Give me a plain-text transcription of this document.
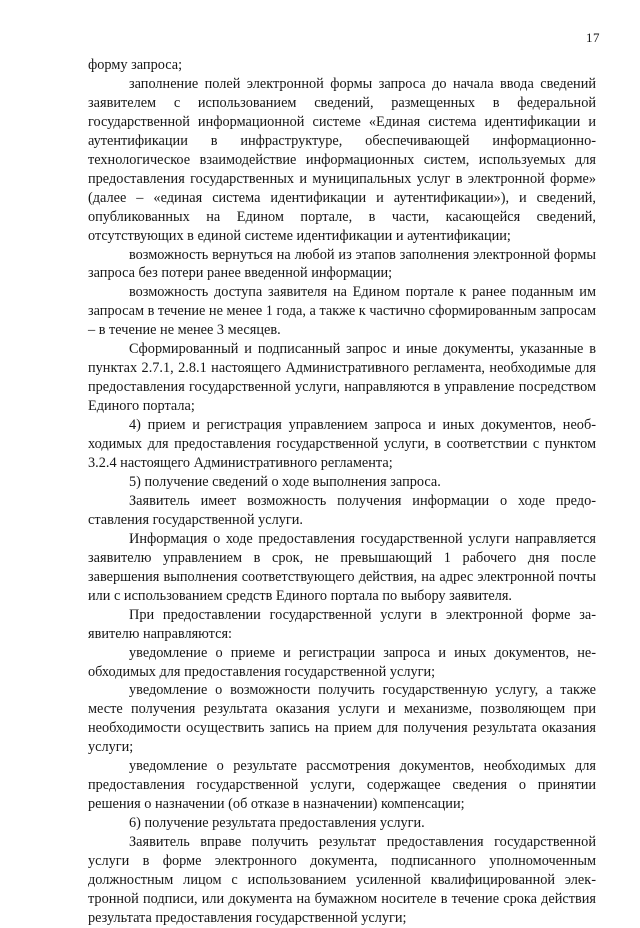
17

форму запроса;

заполнение полей электронной формы запроса до начала ввода сведений заявителем с использованием сведений, размещенных в федеральной государственной информационной системе «Единая система идентификации и аутентификации в инфраструктуре, обеспечивающей информационно-технологическое взаимодействие информационных систем, используемых для предоставления государственных и муниципальных услуг в электронной форме» (далее – «единая система идентификации и аутентификации»), и сведений, опубликованных на Едином портале, в части, касающейся сведений, отсутствующих в единой системе идентификации и аутентификации;

возможность вернуться на любой из этапов заполнения электронной формы запроса без потери ранее введенной информации;

возможность доступа заявителя на Едином портале к ранее поданным им запросам в течение не менее 1 года, а также к частично сформированным запросам – в течение не менее 3 месяцев.

Сформированный и подписанный запрос и иные документы, указанные в пунктах 2.7.1, 2.8.1 настоящего Административного регламента, необходимые для предоставления государственной услуги, направляются в управление посредством Единого портала;

4) прием и регистрация управлением запроса и иных документов, необходимых для предоставления государственной услуги, в соответствии с пунктом 3.2.4 настоящего Административного регламента;

5) получение сведений о ходе выполнения запроса.

Заявитель имеет возможность получения информации о ходе предоставления государственной услуги.

Информация о ходе предоставления государственной услуги направляется заявителю управлением в срок, не превышающий 1 рабочего дня после завершения выполнения соответствующего действия, на адрес электронной почты или с использованием средств Единого портала по выбору заявителя.

При предоставлении государственной услуги в электронной форме заявителю направляются:

уведомление о приеме и регистрации запроса и иных документов, необходимых для предоставления государственной услуги;

уведомление о возможности получить государственную услугу, а также месте получения результата оказания услуги и механизме, позволяющем при необходимости осуществить запись на прием для получения результата оказания услуги;

уведомление о результате рассмотрения документов, необходимых для предоставления государственной услуги, содержащее сведения о принятии решения о назначении (об отказе в назначении) компенсации;

6) получение результата предоставления услуги.

Заявитель вправе получить результат предоставления государственной услуги в форме электронного документа, подписанного уполномоченным должностным лицом с использованием усиленной квалифицированной электронной подписи, или документа на бумажном носителе в течение срока действия результата предоставления государственной услуги;
